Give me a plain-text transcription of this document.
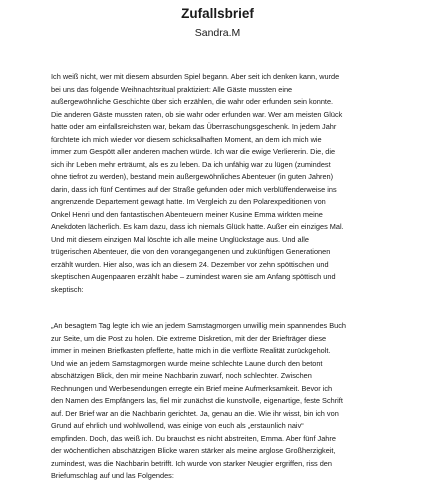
Zufallsbrief
Sandra.M
Ich weiß nicht, wer mit diesem absurden Spiel begann. Aber seit ich denken kann, wurde
bei uns das folgende Weihnachtsritual praktiziert: Alle Gäste mussten eine
außergewöhnliche Geschichte über sich erzählen, die wahr oder erfunden sein konnte.
Die anderen Gäste mussten raten, ob sie wahr oder erfunden war. Wer am meisten Glück
hatte oder am einfallsreichsten war, bekam das Überraschungsgeschenk. In jedem Jahr
fürchtete ich mich wieder vor diesem schicksalhaften Moment, an dem ich mich wie
immer zum Gespött aller anderen machen würde. Ich war die ewige Verliererin. Die, die
sich ihr Leben mehr erträumt, als es zu leben. Da ich unfähig war zu lügen (zumindest
ohne tiefrot zu werden), bestand mein außergewöhnliches Abenteuer (in guten Jahren)
darin, dass ich fünf Centimes auf der Straße gefunden oder mich verblüffenderweise ins
angrenzende Departement gewagt hatte. Im Vergleich zu den Polarexpeditionen von
Onkel Henri und den fantastischen Abenteuern meiner Kusine Emma wirkten meine
Anekdoten lächerlich. Es kam dazu, dass ich niemals Glück hatte. Außer ein einziges Mal.
Und mit diesem einzigen Mal löschte ich alle meine Unglückstage aus. Und alle
trügerischen Abenteuer, die von den vorangegangenen und zukünftigen Generationen
erzählt wurden. Hier also, was ich an diesem 24. Dezember vor zehn spöttischen und
skeptischen Augenpaaren erzählt habe – zumindest waren sie am Anfang spöttisch und
skeptisch:
„An besagtem Tag legte ich wie an jedem Samstagmorgen unwillig mein spannendes Buch
zur Seite, um die Post zu holen. Die extreme Diskretion, mit der der Briefträger diese
immer in meinen Briefkasten pfefferte, hatte mich in die verflixte Realität zurückgeholt.
Und wie an jedem Samstagmorgen wurde meine schlechte Laune durch den betont
abschätzigen Blick, den mir meine Nachbarin zuwarf, noch schlechter. Zwischen
Rechnungen und Werbesendungen erregte ein Brief meine Aufmerksamkeit. Bevor ich
den Namen des Empfängers las, fiel mir zunächst die kunstvolle, eigenartige, feste Schrift
auf. Der Brief war an die Nachbarin gerichtet. Ja, genau an die. Wie ihr wisst, bin ich von
Grund auf ehrlich und wohlwollend, was einige von euch als „erstaunlich naiv“
empfinden. Doch, das weiß ich. Du brauchst es nicht abstreiten, Emma. Aber fünf Jahre
der wöchentlichen abschätzigen Blicke waren stärker als meine arglose Großherzigkeit,
zumindest, was die Nachbarin betrifft. Ich wurde von starker Neugier ergriffen, riss den
Briefumschlag auf und las Folgendes:
